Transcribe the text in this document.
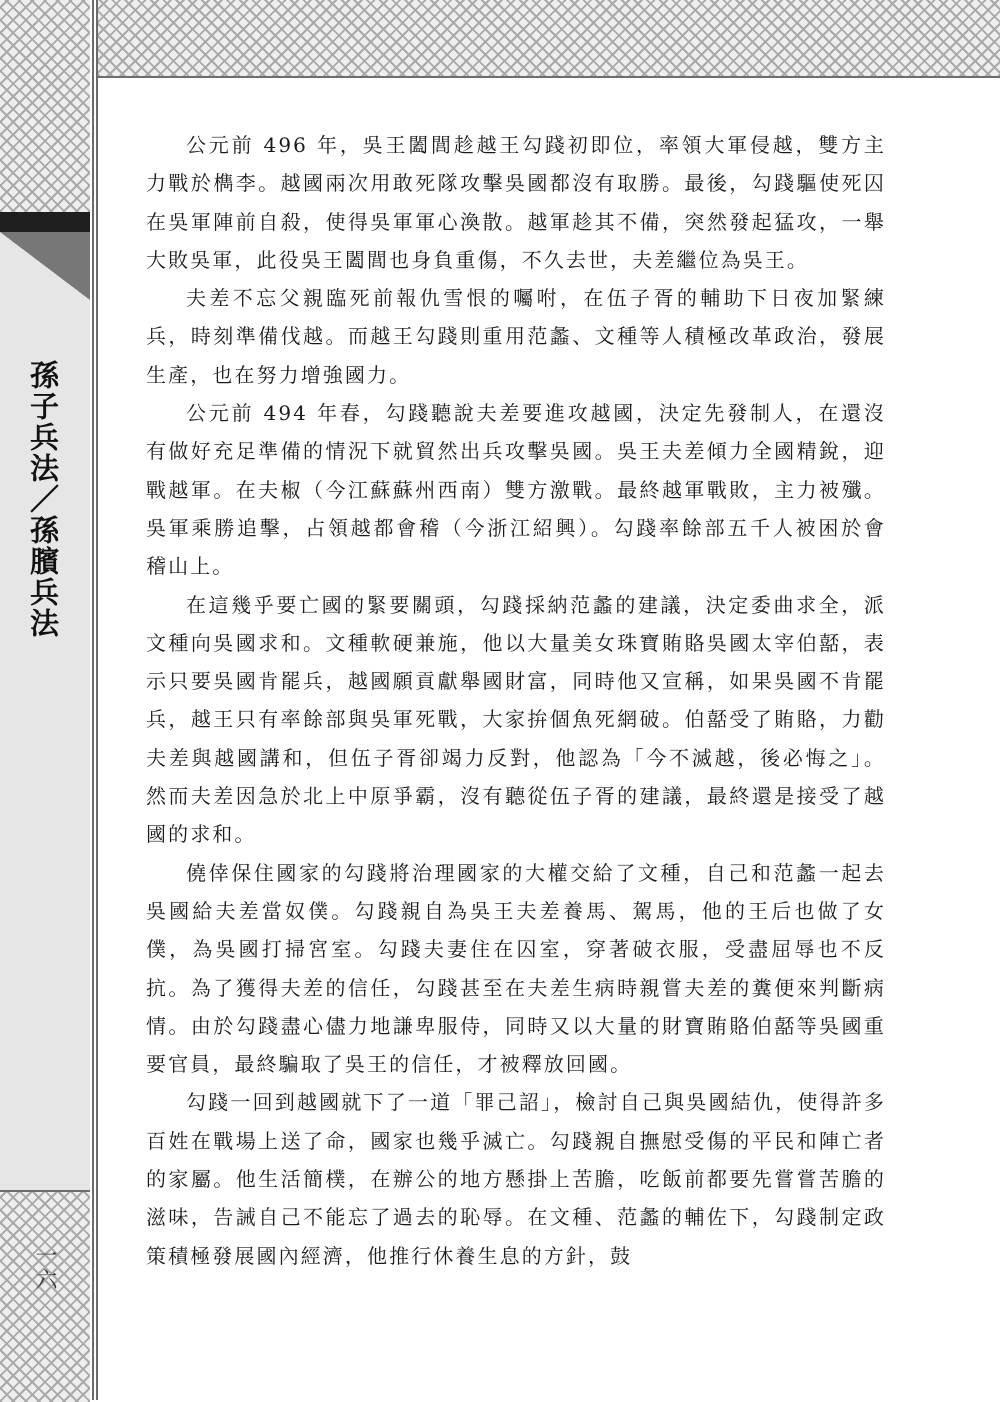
孫子兵法／孫臏兵法
一六

公元前 496 年，吳王闔閭趁越王勾踐初即位，率領大軍侵越，雙方主力戰於檇李。越國兩次用敢死隊攻擊吳國都沒有取勝。最後，勾踐驅使死囚在吳軍陣前自殺，使得吳軍軍心渙散。越軍趁其不備，突然發起猛攻，一舉大敗吳軍，此役吳王闔閭也身負重傷，不久去世，夫差繼位為吳王。

夫差不忘父親臨死前報仇雪恨的囑咐，在伍子胥的輔助下日夜加緊練兵，時刻準備伐越。而越王勾踐則重用范蠡、文種等人積極改革政治，發展生產，也在努力增強國力。

公元前 494 年春，勾踐聽說夫差要進攻越國，決定先發制人，在還沒有做好充足準備的情況下就貿然出兵攻擊吳國。吳王夫差傾力全國精銳，迎戰越軍。在夫椒（今江蘇蘇州西南）雙方激戰。最終越軍戰敗，主力被殲。吳軍乘勝追擊，占領越都會稽（今浙江紹興）。勾踐率餘部五千人被困於會稽山上。

在這幾乎要亡國的緊要關頭，勾踐採納范蠡的建議，決定委曲求全，派文種向吳國求和。文種軟硬兼施，他以大量美女珠寶賄賂吳國太宰伯嚭，表示只要吳國肯罷兵，越國願貢獻舉國財富，同時他又宣稱，如果吳國不肯罷兵，越王只有率餘部與吳軍死戰，大家拚個魚死網破。伯嚭受了賄賂，力勸夫差與越國講和，但伍子胥卻竭力反對，他認為「今不滅越，後必悔之」。然而夫差因急於北上中原爭霸，沒有聽從伍子胥的建議，最終還是接受了越國的求和。

僥倖保住國家的勾踐將治理國家的大權交給了文種，自己和范蠡一起去吳國給夫差當奴僕。勾踐親自為吳王夫差養馬、駕馬，他的王后也做了女僕，為吳國打掃宮室。勾踐夫妻住在囚室，穿著破衣服，受盡屈辱也不反抗。為了獲得夫差的信任，勾踐甚至在夫差生病時親嘗夫差的糞便來判斷病情。由於勾踐盡心儘力地謙卑服侍，同時又以大量的財寶賄賂伯嚭等吳國重要官員，最終騙取了吳王的信任，才被釋放回國。

勾踐一回到越國就下了一道「罪己詔」，檢討自己與吳國結仇，使得許多百姓在戰場上送了命，國家也幾乎滅亡。勾踐親自撫慰受傷的平民和陣亡者的家屬。他生活簡樸，在辦公的地方懸掛上苦膽，吃飯前都要先嘗嘗苦膽的滋味，告誡自己不能忘了過去的恥辱。在文種、范蠡的輔佐下，勾踐制定政策積極發展國內經濟，他推行休養生息的方針，鼓
